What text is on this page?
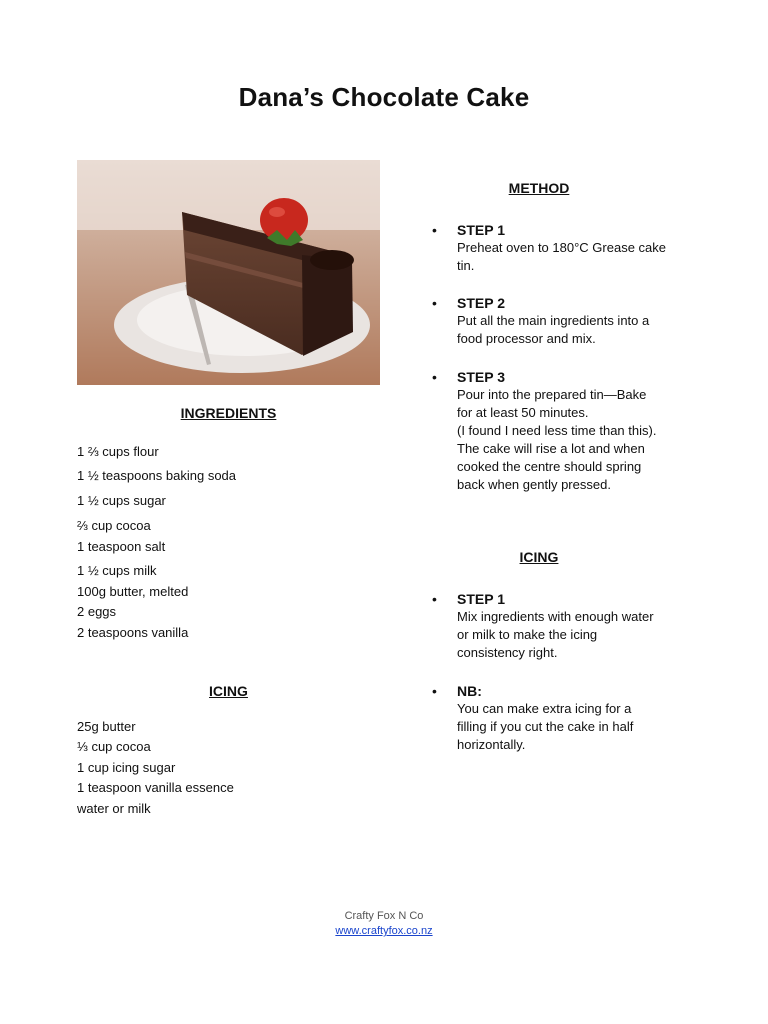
Dana’s Chocolate Cake
INGREDIENTS
1 ⅔ cups flour
1 ½ teaspoons baking soda
1 ½ cups sugar
⅔ cup cocoa
1 teaspoon salt
1 ½ cups milk
100g butter, melted
2 eggs
2 teaspoons vanilla
ICING
25g butter
⅓ cup cocoa
1 cup icing sugar
1 teaspoon vanilla essence
water or milk
METHOD
• STEP 1
Preheat oven to 180°C Grease cake
tin.
• STEP 2
Put all the main ingredients into a
food processor and mix.
• STEP 3
Pour into the prepared tin—Bake
for at least 50 minutes.
(I found I need less time than this).
The cake will rise a lot and when
cooked the centre should spring
back when gently pressed.
ICING
• STEP 1
Mix ingredients with enough water
or milk to make the icing
consistency right.
• NB:
You can make extra icing for a
filling if you cut the cake in half
horizontally.
Crafty Fox N Co
www.craftyfox.co.nz
